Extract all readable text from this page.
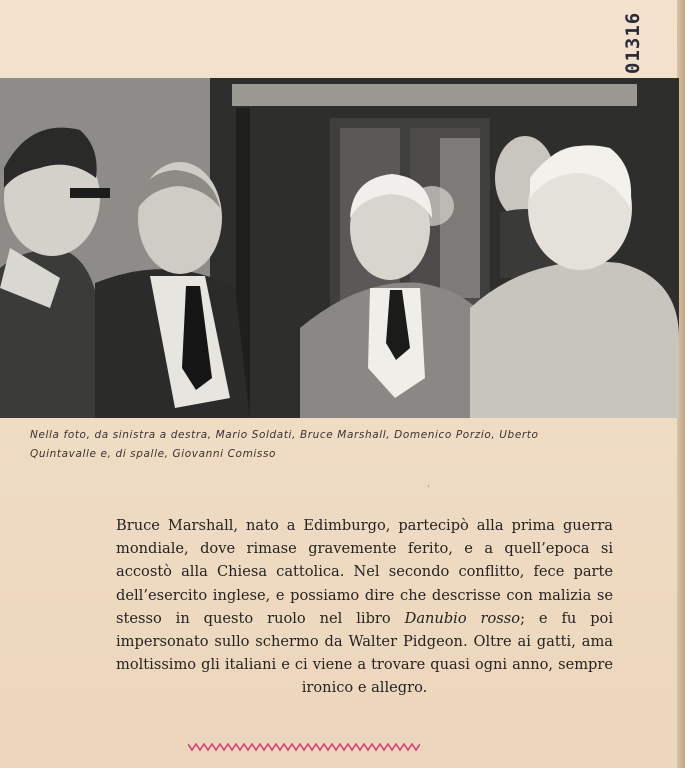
01316
Nella foto, da sinistra a destra, Mario Soldati, Bruce Marshall, Domenico Porzio, Uberto
Quintavalle e, di spalle, Giovanni Comisso
·
Bruce Marshall, nato a Edimburgo, partecipò alla prima guerra mondiale, dove rimase gravemente ferito, e a quell’epoca si accostò alla Chiesa cattolica. Nel secondo conflitto, fece parte dell’esercito inglese, e possiamo dire che descrisse con malizia se stesso in questo ruolo nel libro Danubio rosso; e fu poi impersonato sullo schermo da Walter Pidgeon. Oltre ai gatti, ama moltissimo gli italiani e ci viene a trovare quasi ogni anno, sempre ironico e allegro.
